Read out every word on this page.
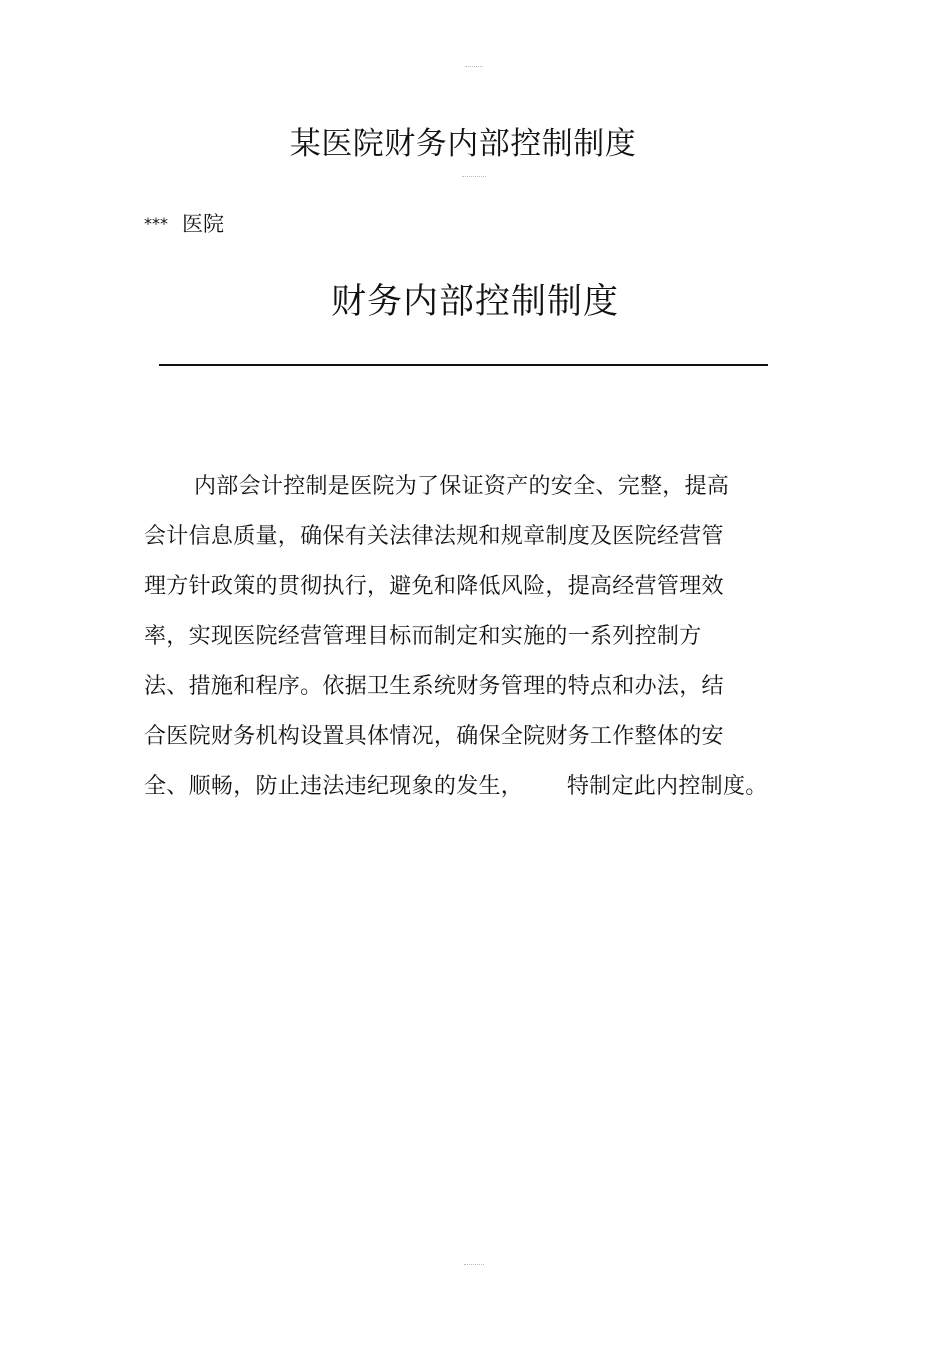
某医院财务内部控制制度
*** 医院
财务内部控制制度
内部会计控制是医院为了保证资产的安全、完整，提高
会计信息质量，确保有关法律法规和规章制度及医院经营管
理方针政策的贯彻执行，避免和降低风险，提高经营管理效
率，实现医院经营管理目标而制定和实施的一系列控制方
法、措施和程序。依据卫生系统财务管理的特点和办法，结
合医院财务机构设置具体情况，确保全院财务工作整体的安
全、顺畅，防止违法违纪现象的发生，      特制定此内控制度。
